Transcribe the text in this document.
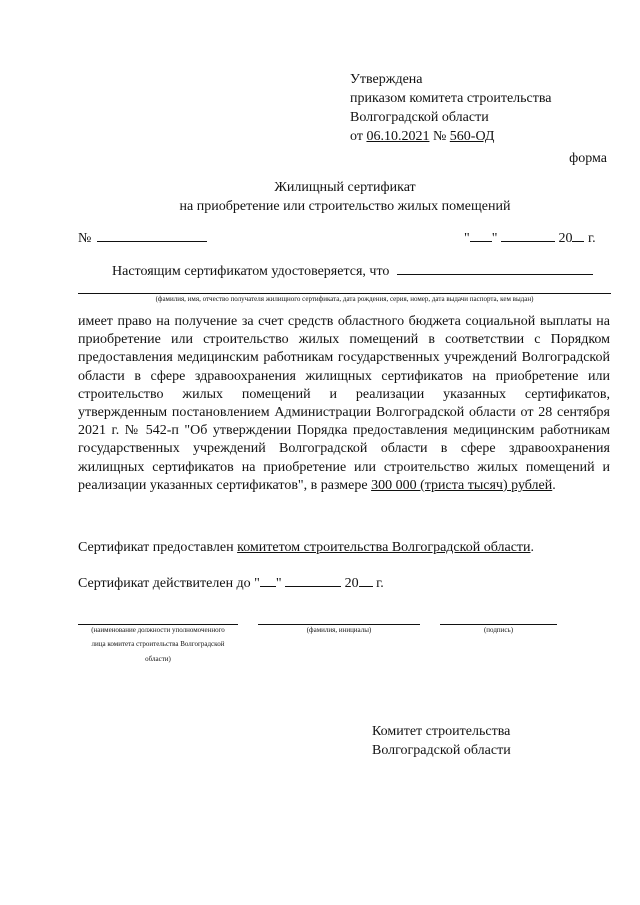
Утверждена
приказом комитета строительства
Волгоградской области
от 06.10.2021 № 560-ОД
форма
Жилищный сертификат
на приобретение или строительство жилых помещений
№	" "	20 г.
Настоящим сертификатом удостоверяется, что
(фамилия, имя, отчество получателя жилищного сертификата, дата рождения, серия, номер, дата выдачи паспорта, кем выдан)
имеет право на получение за счет средств областного бюджета социальной выплаты на приобретение или строительство жилых помещений в соответствии с Порядком предоставления медицинским работникам государственных учреждений Волгоградской области в сфере здравоохранения жилищных сертификатов на приобретение или строительство жилых помещений и реализации указанных сертификатов, утвержденным постановлением Администрации Волгоградской области от 28 сентября 2021 г. № 542-п "Об утверждении Порядка предоставления медицинским работникам государственных учреждений Волгоградской области в сфере здравоохранения жилищных сертификатов на приобретение или строительство жилых помещений и реализации указанных сертификатов", в размере 300 000 (триста тысяч) рублей.
Сертификат предоставлен комитетом строительства Волгоградской области.
Сертификат действителен до " "	20 г.
(наименование должности уполномоченного
лица комитета строительства Волгоградской
области)
(фамилия, инициалы)	(подпись)
Комитет строительства
Волгоградской области
